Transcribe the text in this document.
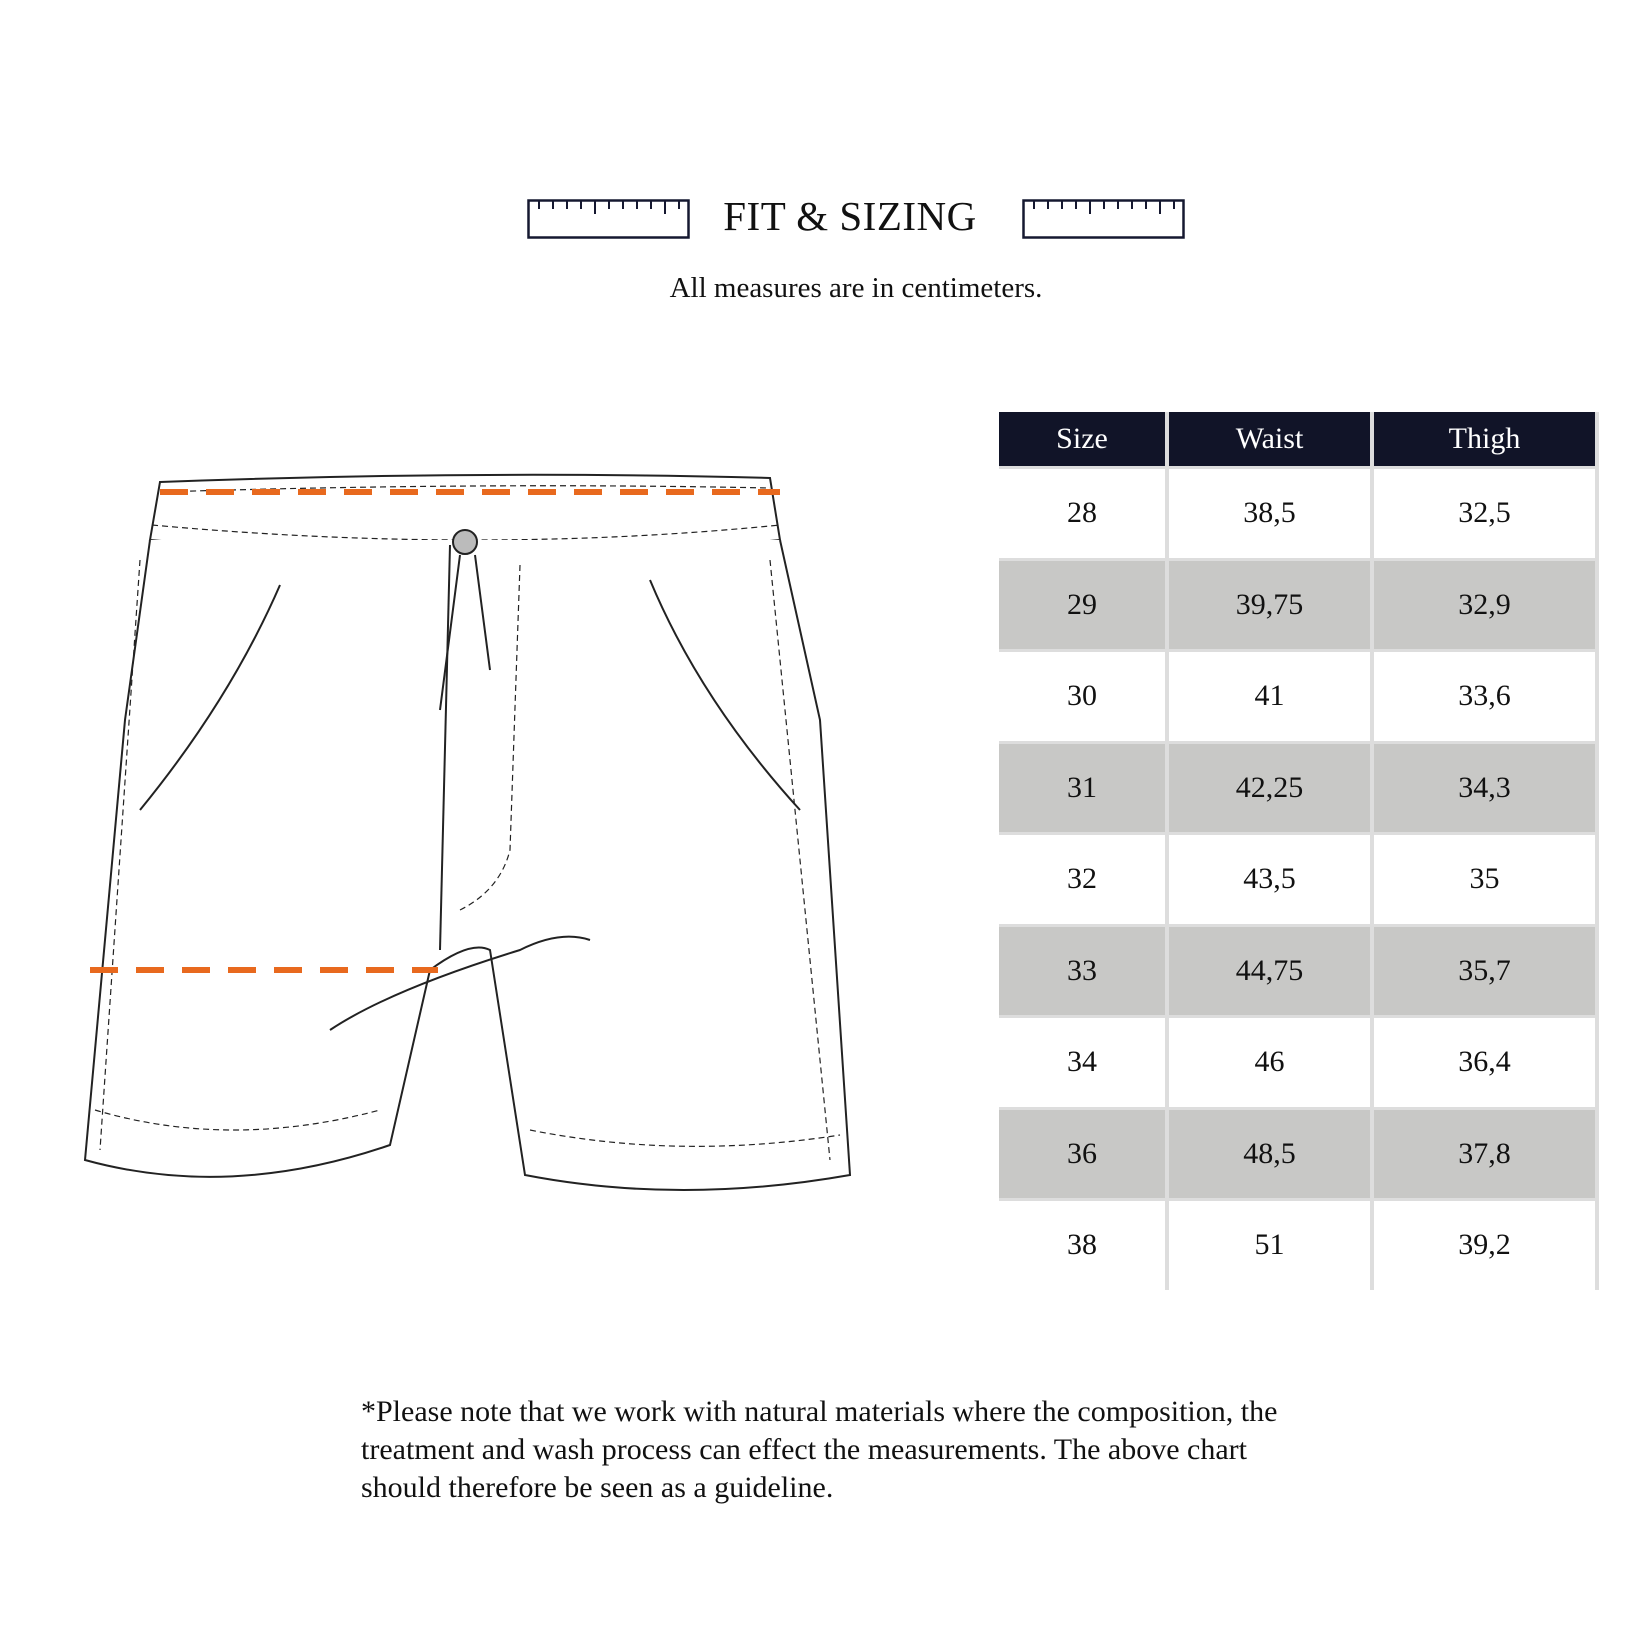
FIT & SIZING
All measures are in centimeters.
Size	Waist	Thigh
28	38,5	32,5
29	39,75	32,9
30	41	33,6
31	42,25	34,3
32	43,5	35
33	44,75	35,7
34	46	36,4
36	48,5	37,8
38	51	39,2
*Please note that we work with natural materials where the composition, the
treatment and wash process can effect the measurements. The above chart
should therefore be seen as a guideline.
